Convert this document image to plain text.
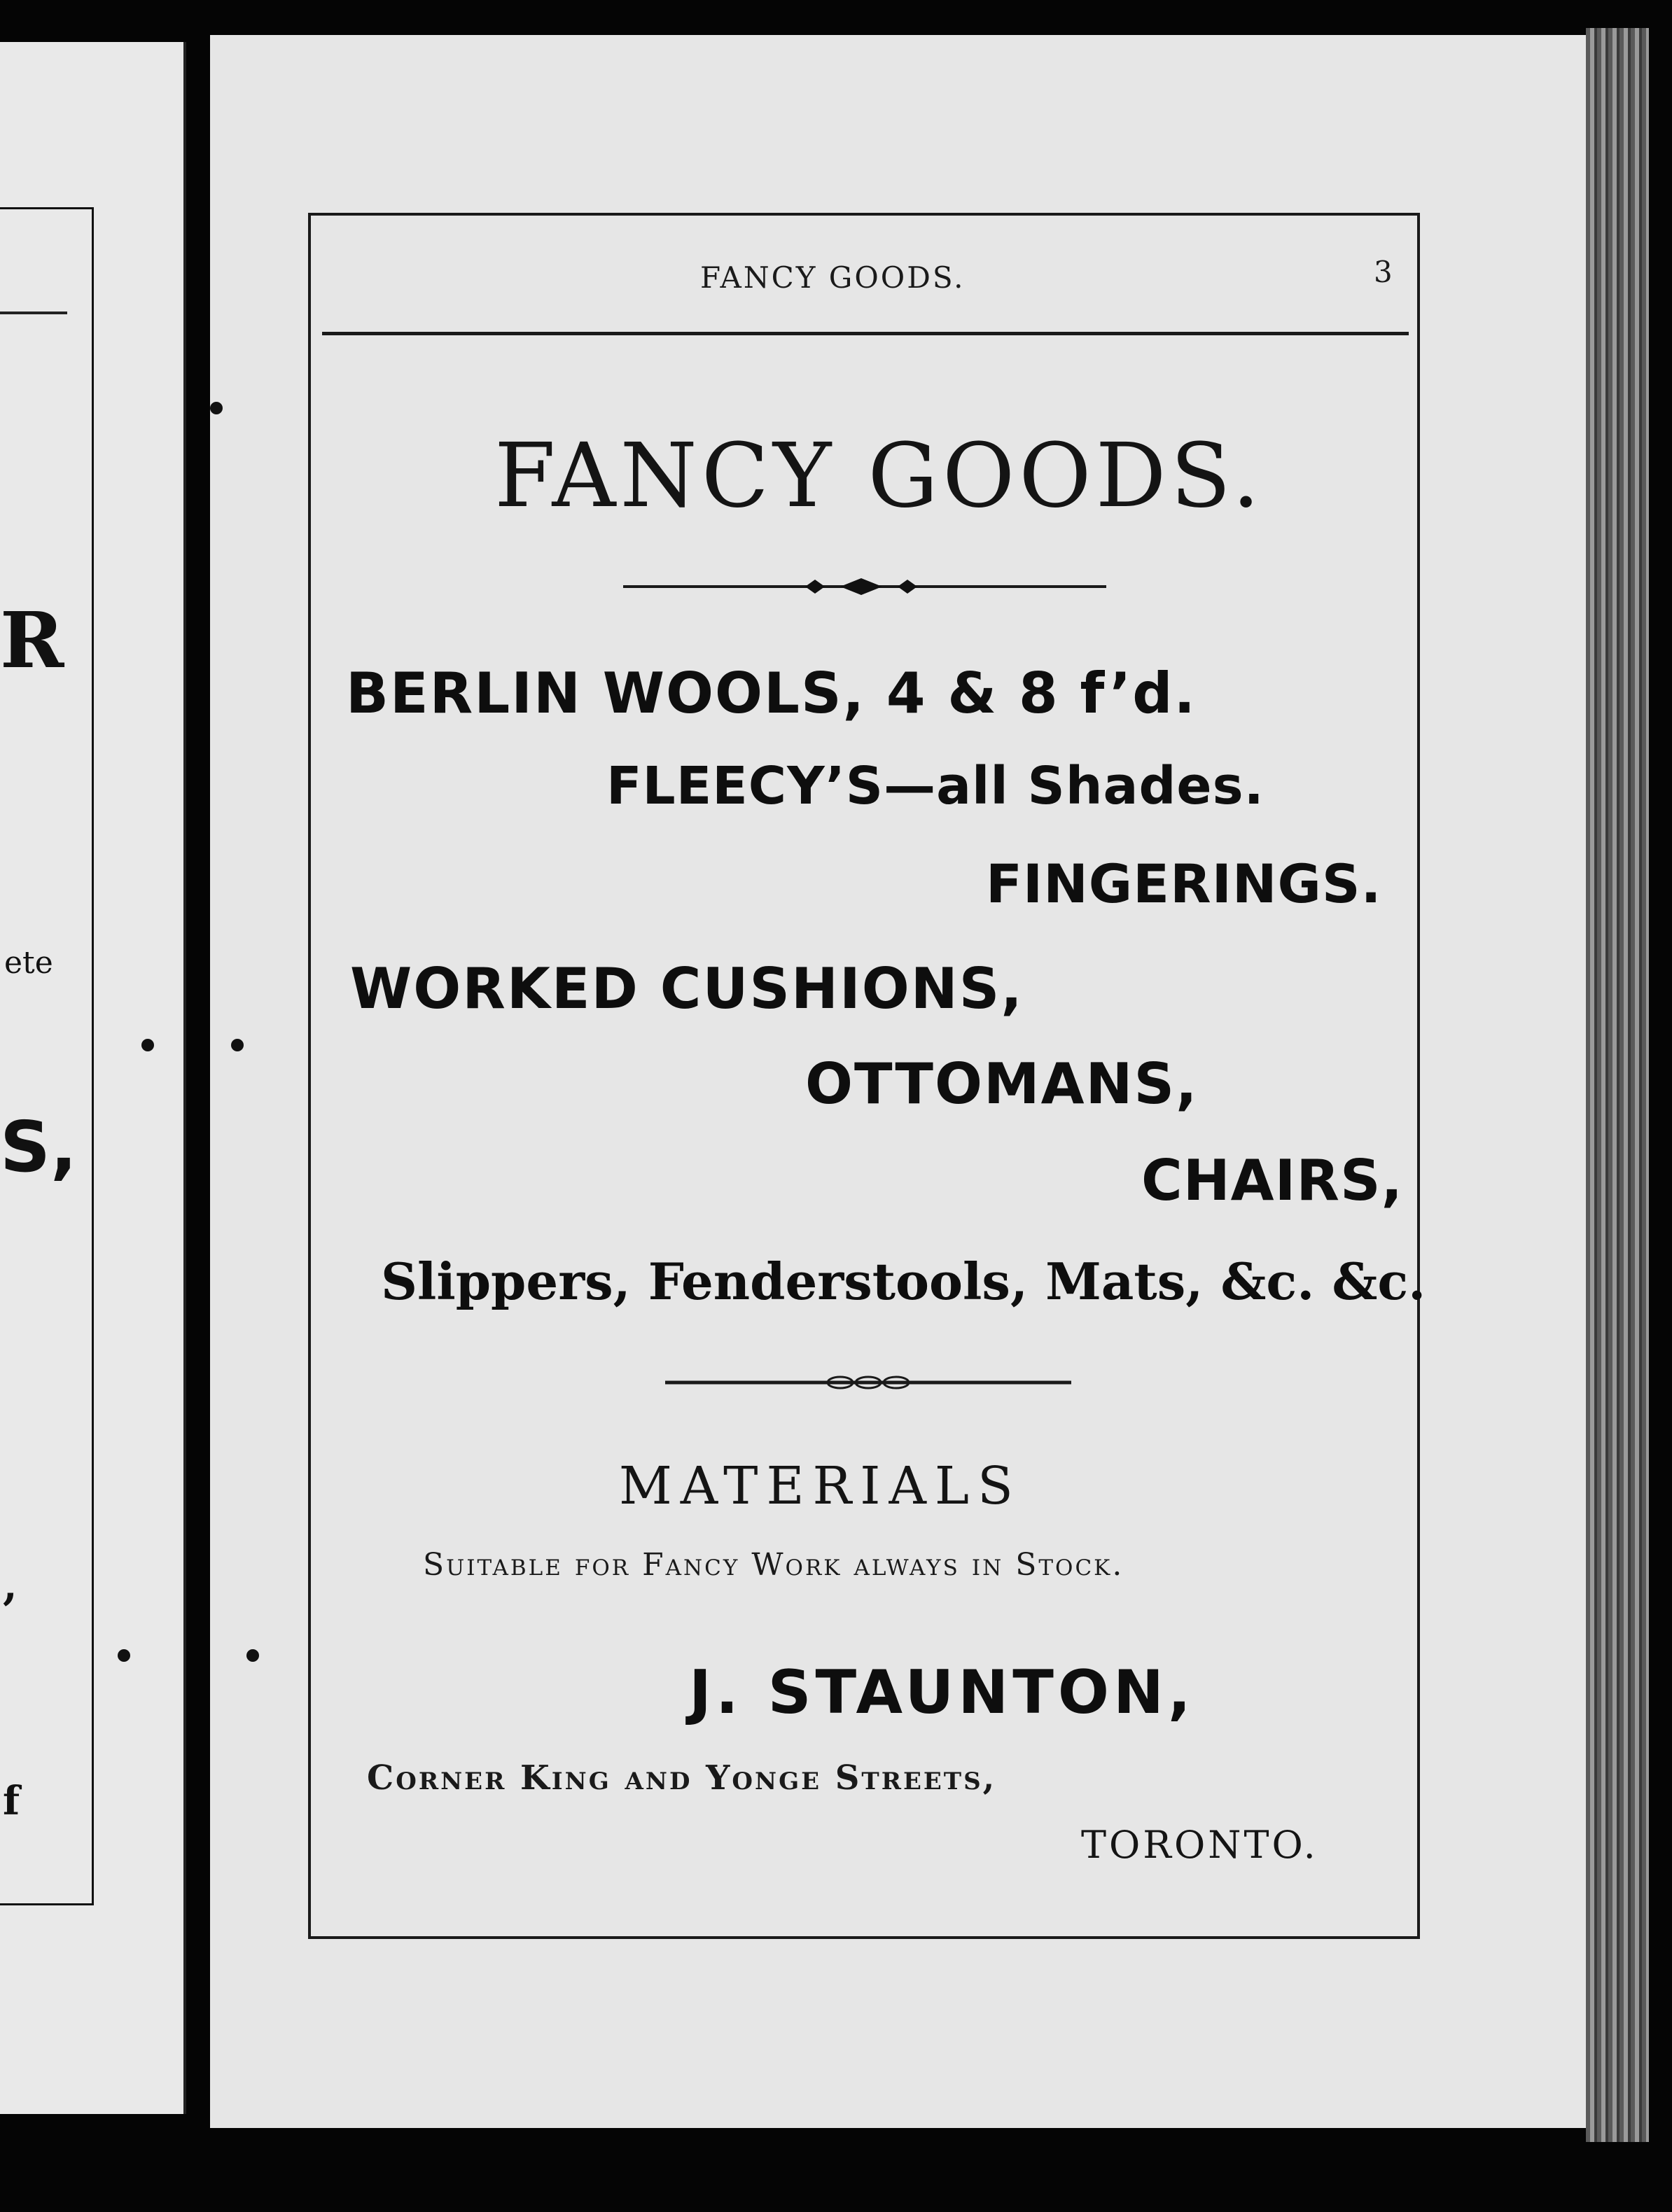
R
ete
S,
,
f
FANCY GOODS.	3
FANCY GOODS.
BERLIN WOOLS, 4 & 8 f’d.
FLEECY’S—all Shades.
FINGERINGS.
WORKED CUSHIONS,
OTTOMANS,
CHAIRS,
Slippers, Fenderstools, Mats, &c. &c.
MATERIALS
Suitable for Fancy Work always in Stock.
J. STAUNTON,
Corner King and Yonge Streets,
TORONTO.
